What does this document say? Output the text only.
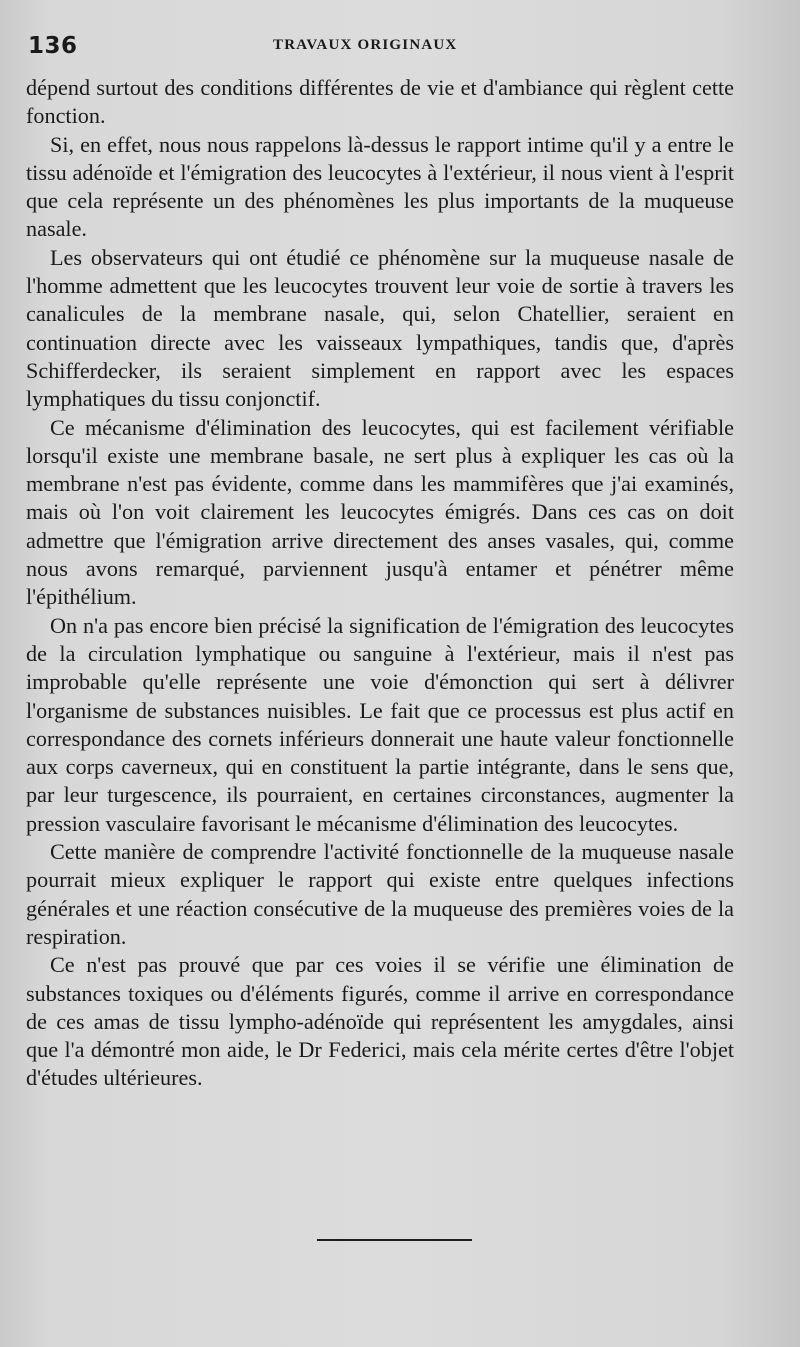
136	TRAVAUX ORIGINAUX

dépend surtout des conditions différentes de vie et d'ambiance qui règlent cette fonction.

Si, en effet, nous nous rappelons là-dessus le rapport intime qu'il y a entre le tissu adénoïde et l'émigration des leucocytes à l'extérieur, il nous vient à l'esprit que cela représente un des phénomènes les plus importants de la muqueuse nasale.

Les observateurs qui ont étudié ce phénomène sur la muqueuse nasale de l'homme admettent que les leucocytes trouvent leur voie de sortie à travers les canalicules de la membrane nasale, qui, selon Chatellier, seraient en continuation directe avec les vaisseaux lympathiques, tandis que, d'après Schifferdecker, ils seraient simplement en rapport avec les espaces lymphatiques du tissu conjonctif.

Ce mécanisme d'élimination des leucocytes, qui est facilement vérifiable lorsqu'il existe une membrane basale, ne sert plus à expliquer les cas où la membrane n'est pas évidente, comme dans les mammifères que j'ai examinés, mais où l'on voit clairement les leucocytes émigrés. Dans ces cas on doit admettre que l'émigration arrive directement des anses vasales, qui, comme nous avons remarqué, parviennent jusqu'à entamer et pénétrer même l'épithélium.

On n'a pas encore bien précisé la signification de l'émigration des leucocytes de la circulation lymphatique ou sanguine à l'extérieur, mais il n'est pas improbable qu'elle représente une voie d'émonction qui sert à délivrer l'organisme de substances nuisibles. Le fait que ce processus est plus actif en correspondance des cornets inférieurs donnerait une haute valeur fonctionnelle aux corps caverneux, qui en constituent la partie intégrante, dans le sens que, par leur turgescence, ils pourraient, en certaines circonstances, augmenter la pression vasculaire favorisant le mécanisme d'élimination des leucocytes.

Cette manière de comprendre l'activité fonctionnelle de la muqueuse nasale pourrait mieux expliquer le rapport qui existe entre quelques infections générales et une réaction consécutive de la muqueuse des premières voies de la respiration.

Ce n'est pas prouvé que par ces voies il se vérifie une élimination de substances toxiques ou d'éléments figurés, comme il arrive en correspondance de ces amas de tissu lympho-adénoïde qui représentent les amygdales, ainsi que l'a démontré mon aide, le Dr Federici, mais cela mérite certes d'être l'objet d'études ultérieures.
